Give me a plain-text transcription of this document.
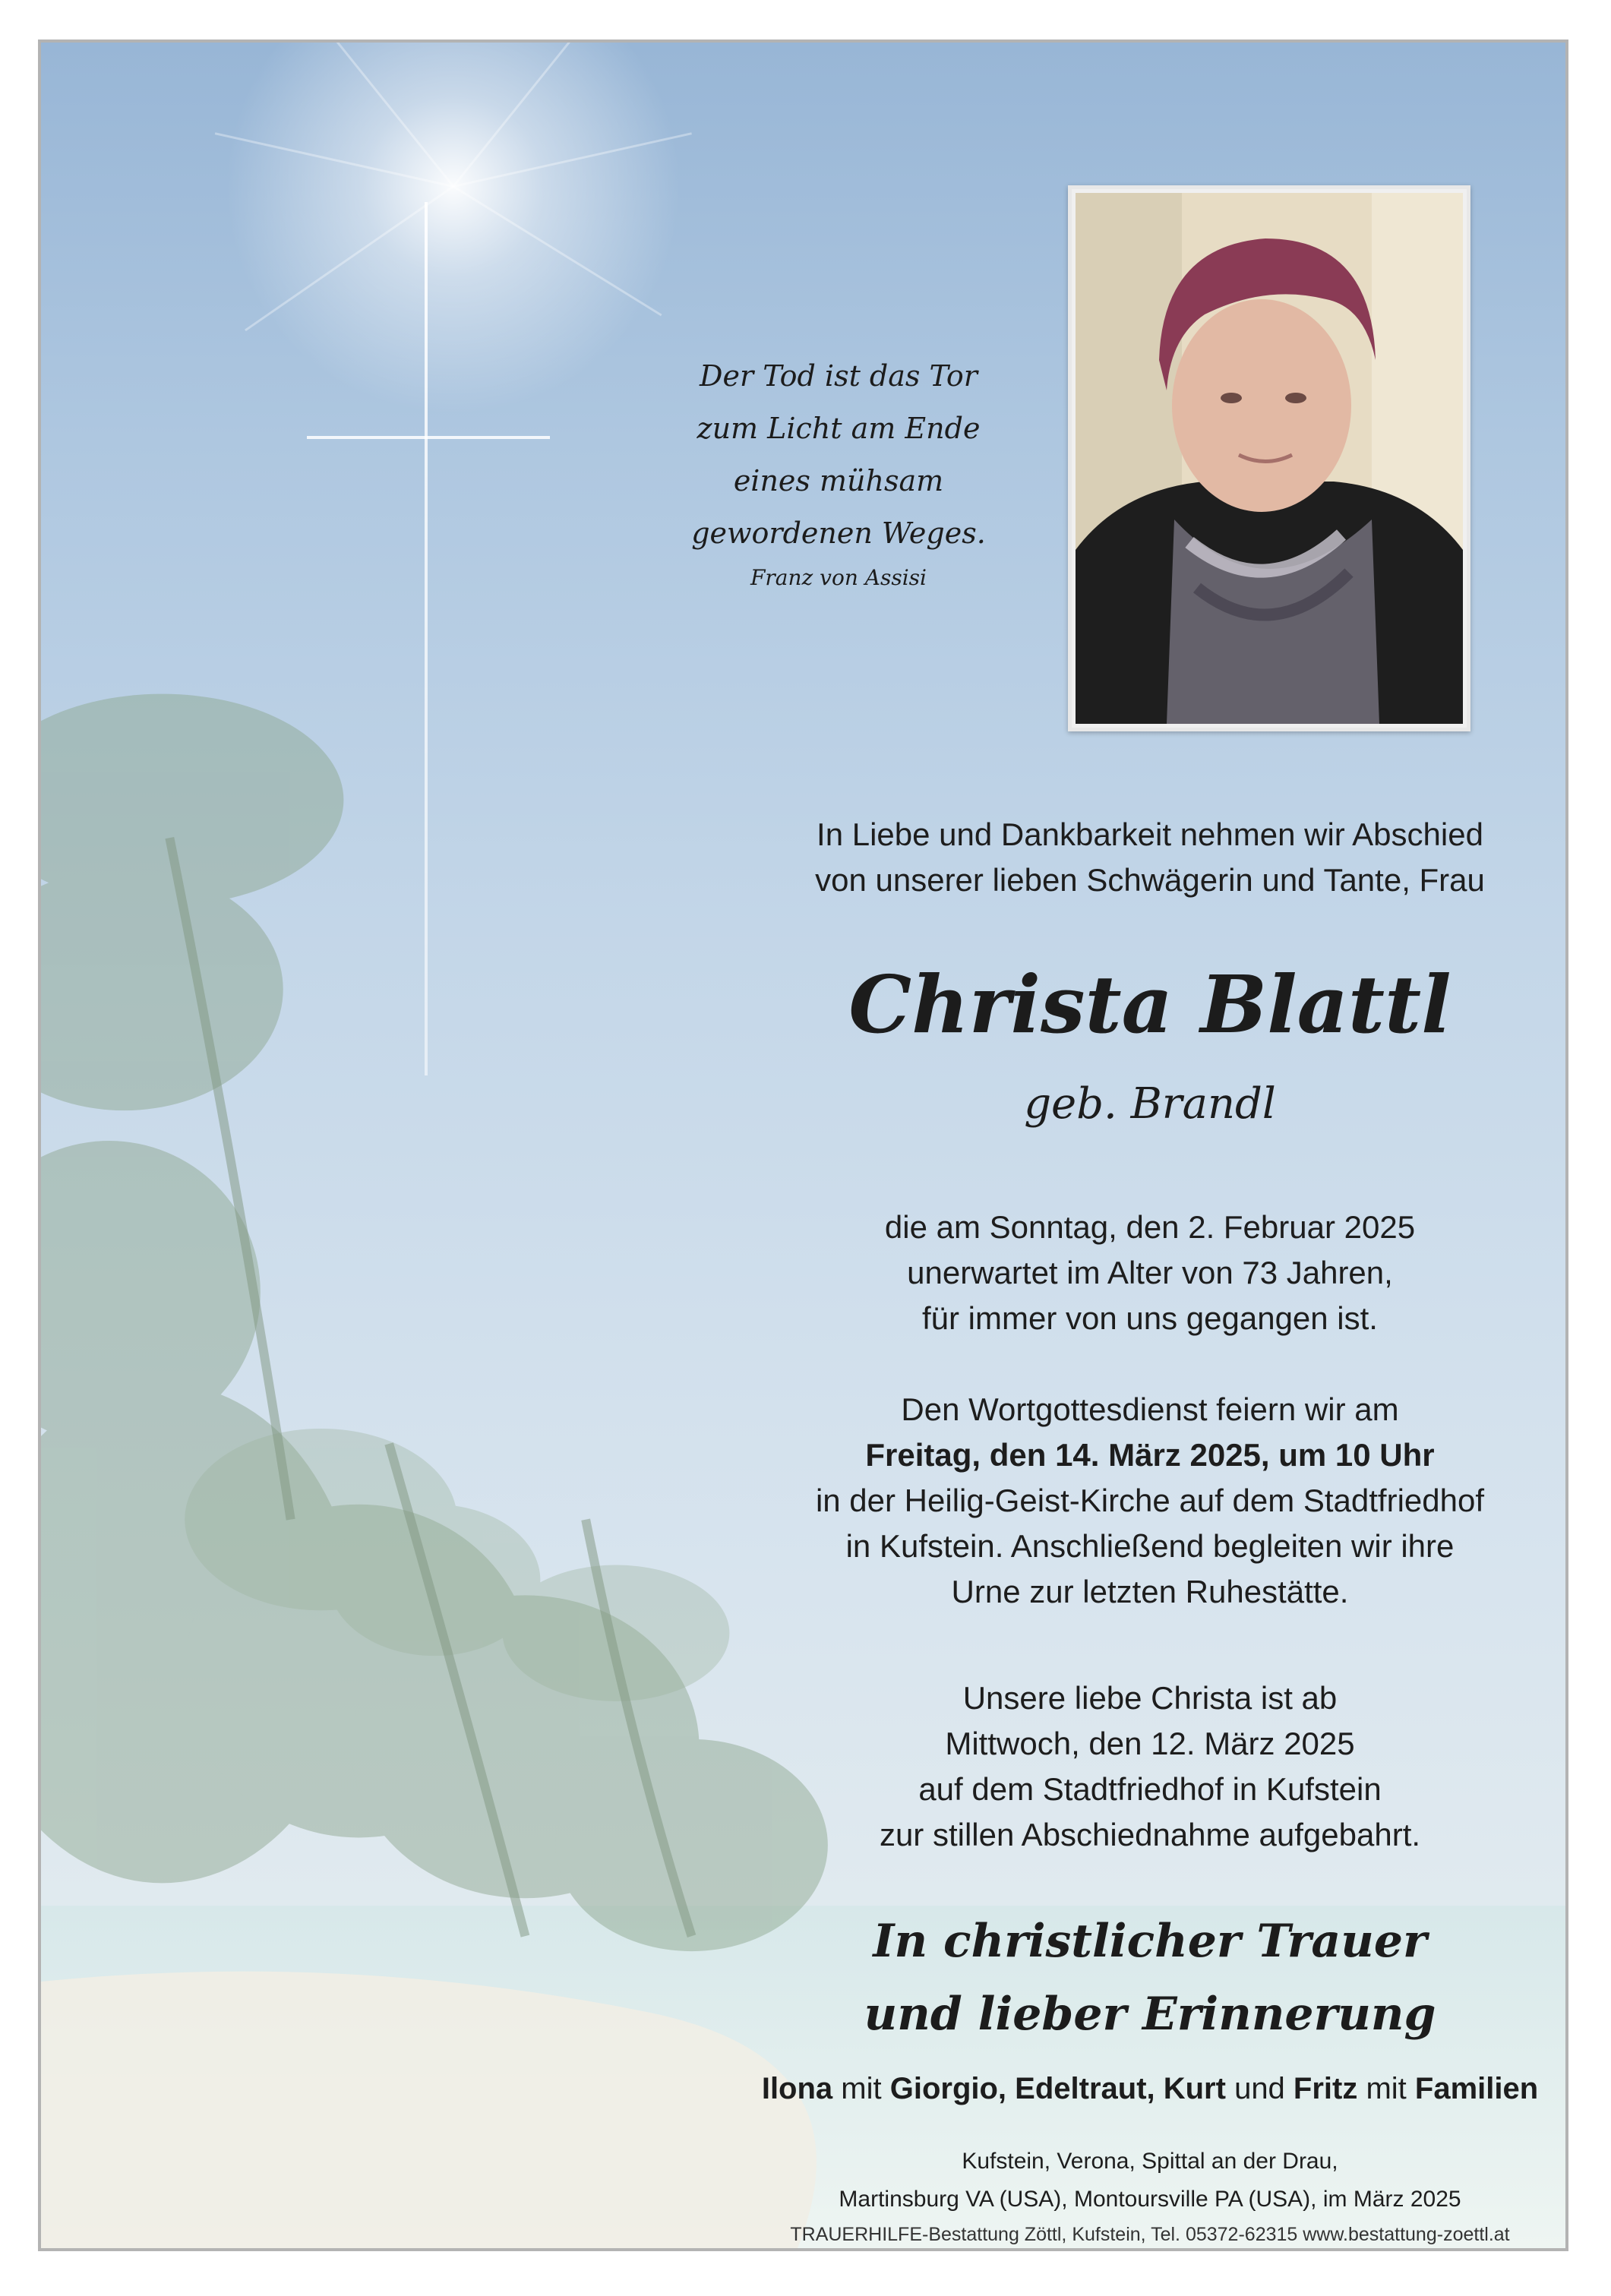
Der Tod ist das Tor
zum Licht am Ende
eines mühsam
gewordenen Weges.
Franz von Assisi
In Liebe und Dankbarkeit nehmen wir Abschied
von unserer lieben Schwägerin und Tante, Frau
Christa Blattl
geb. Brandl
die am Sonntag, den 2. Februar 2025
unerwartet im Alter von 73 Jahren,
für immer von uns gegangen ist.
Den Wortgottesdienst feiern wir am
Freitag, den 14. März 2025, um 10 Uhr
in der Heilig-Geist-Kirche auf dem Stadtfriedhof
in Kufstein. Anschließend begleiten wir ihre
Urne zur letzten Ruhestätte.
Unsere liebe Christa ist ab
Mittwoch, den 12. März 2025
auf dem Stadtfriedhof in Kufstein
zur stillen Abschiednahme aufgebahrt.
In christlicher Trauer
und lieber Erinnerung
Ilona mit Giorgio, Edeltraut, Kurt und Fritz mit Familien
Kufstein, Verona, Spittal an der Drau,
Martinsburg VA (USA), Montoursville PA (USA), im März 2025
TRAUERHILFE-Bestattung Zöttl, Kufstein, Tel. 05372-62315 www.bestattung-zoettl.at
